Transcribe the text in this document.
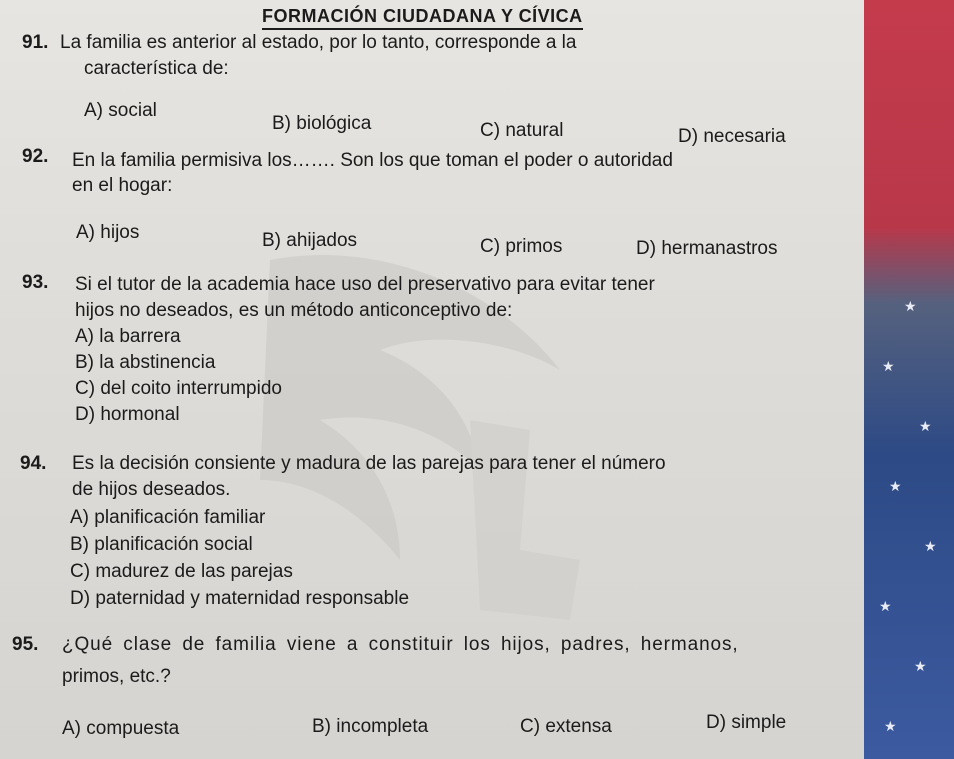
★
★
★
★
★
★
★
★
FORMACIÓN CIUDADANA Y CÍVICA
91. La familia es anterior al estado, por lo tanto, corresponde a la
característica de:
A) social
B) biológica	C) natural	D) necesaria
92. En la familia permisiva los……. Son los que toman el poder o autoridad
en el hogar:
A) hijos	B) ahijados	C) primos	D) hermanastros
93. Si el tutor de la academia hace uso del preservativo para evitar tener
hijos no deseados, es un método anticonceptivo de:
A) la barrera
B) la abstinencia
C) del coito interrumpido
D) hormonal
94. Es la decisión consiente y madura de las parejas para tener el número
de hijos deseados.
A) planificación familiar
B) planificación social
C) madurez de las parejas
D) paternidad y maternidad responsable
95. ¿Qué clase de familia viene a constituir los hijos, padres, hermanos,
primos, etc.?
A) compuesta	B) incompleta	C) extensa	D) simple
